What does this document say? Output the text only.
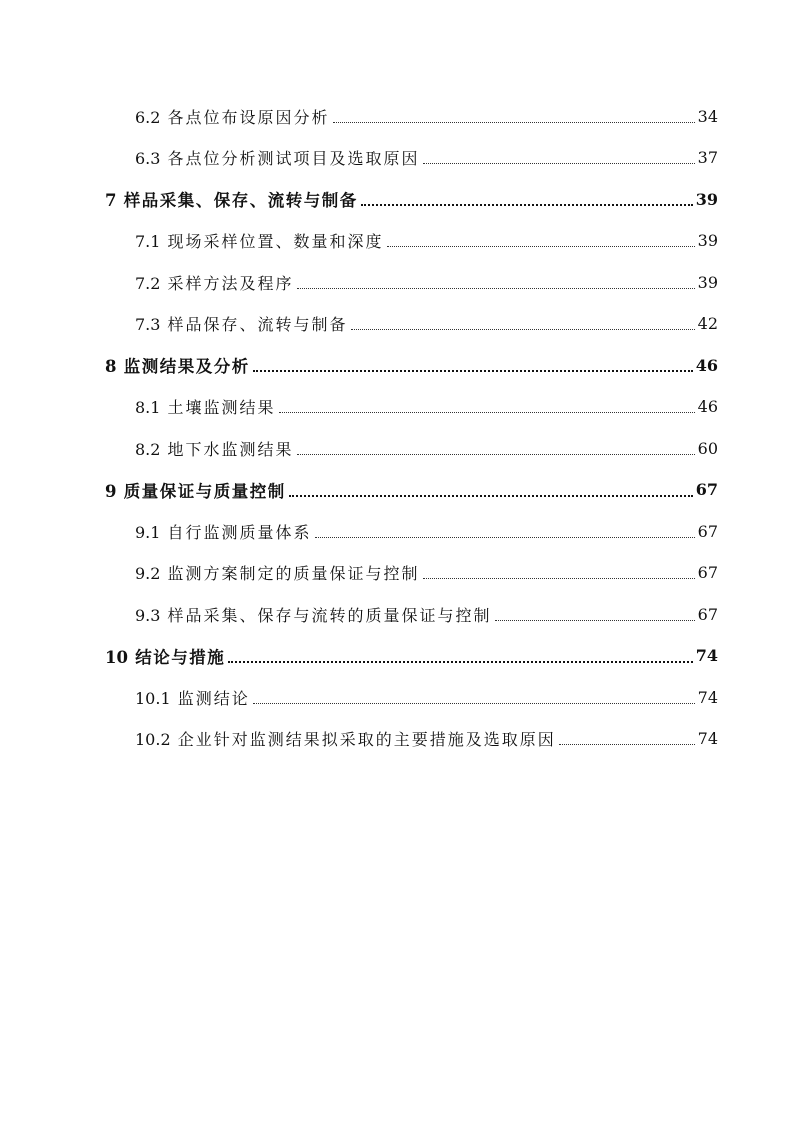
6.2 各点位布设原因分析	34
6.3 各点位分析测试项目及选取原因	37
7 样品采集、保存、流转与制备	39
7.1 现场采样位置、数量和深度	39
7.2 采样方法及程序	39
7.3 样品保存、流转与制备	42
8 监测结果及分析	46
8.1 土壤监测结果	46
8.2 地下水监测结果	60
9 质量保证与质量控制	67
9.1 自行监测质量体系	67
9.2 监测方案制定的质量保证与控制	67
9.3 样品采集、保存与流转的质量保证与控制	67
10 结论与措施	74
10.1 监测结论	74
10.2 企业针对监测结果拟采取的主要措施及选取原因	74
